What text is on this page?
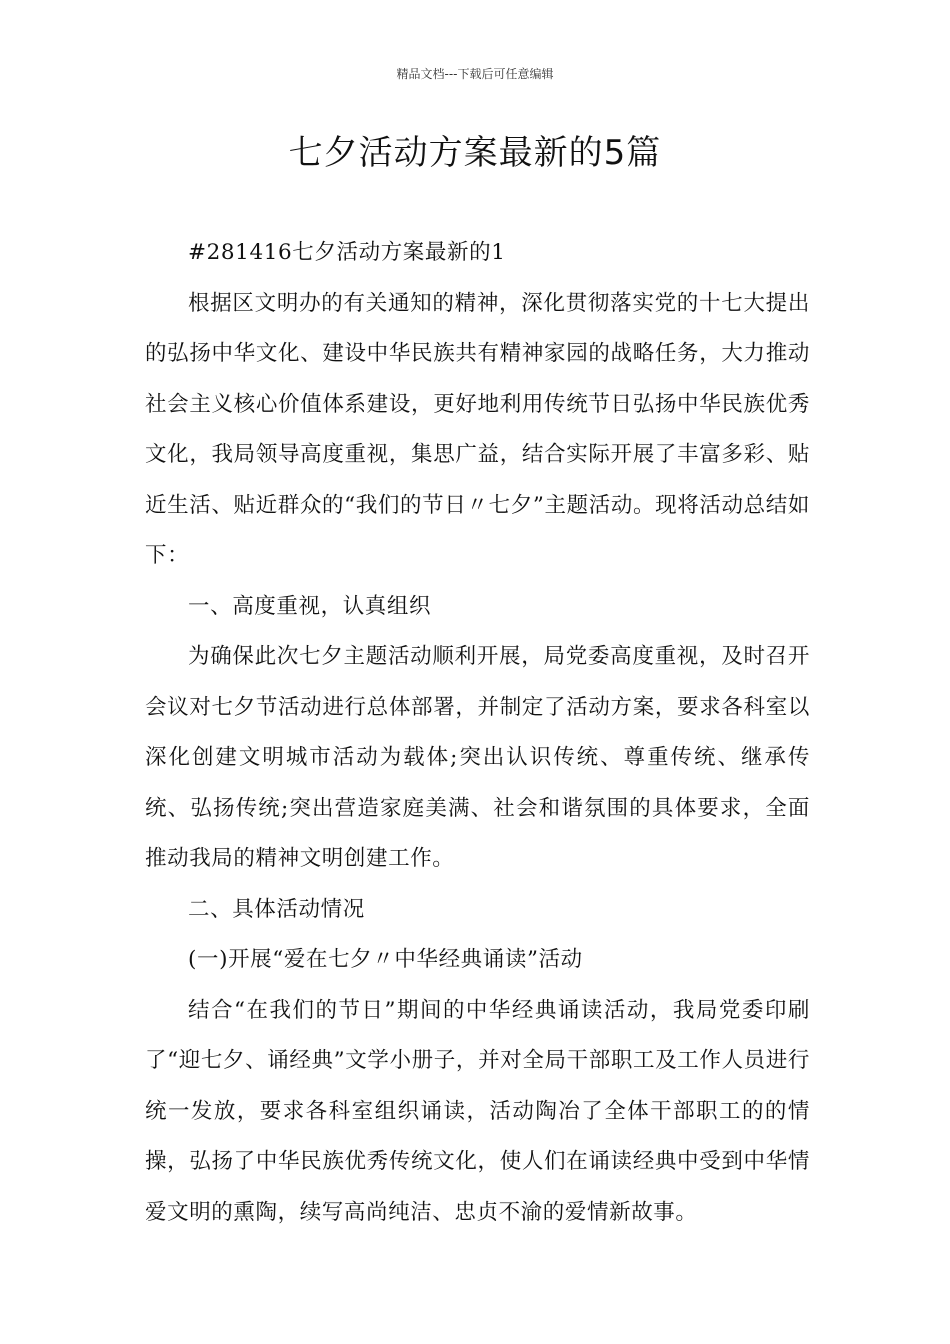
精品文档---下载后可任意编辑
七夕活动方案最新的5篇

#281416七夕活动方案最新的1

根据区文明办的有关通知的精神，深化贯彻落实党的十七大提出的弘扬中华文化、建设中华民族共有精神家园的战略任务，大力推动社会主义核心价值体系建设，更好地利用传统节日弘扬中华民族优秀文化，我局领导高度重视，集思广益，结合实际开展了丰富多彩、贴近生活、贴近群众的“我们的节日〃七夕”主题活动。现将活动总结如下：

一、高度重视，认真组织

为确保此次七夕主题活动顺利开展，局党委高度重视，及时召开会议对七夕节活动进行总体部署，并制定了活动方案，要求各科室以深化创建文明城市活动为载体;突出认识传统、尊重传统、继承传统、弘扬传统;突出营造家庭美满、社会和谐氛围的具体要求，全面推动我局的精神文明创建工作。

二、具体活动情况

(一)开展“爱在七夕〃中华经典诵读”活动

结合“在我们的节日”期间的中华经典诵读活动，我局党委印刷了“迎七夕、诵经典”文学小册子，并对全局干部职工及工作人员进行统一发放，要求各科室组织诵读，活动陶冶了全体干部职工的的情操，弘扬了中华民族优秀传统文化，使人们在诵读经典中受到中华情爱文明的熏陶，续写高尚纯洁、忠贞不渝的爱情新故事。
